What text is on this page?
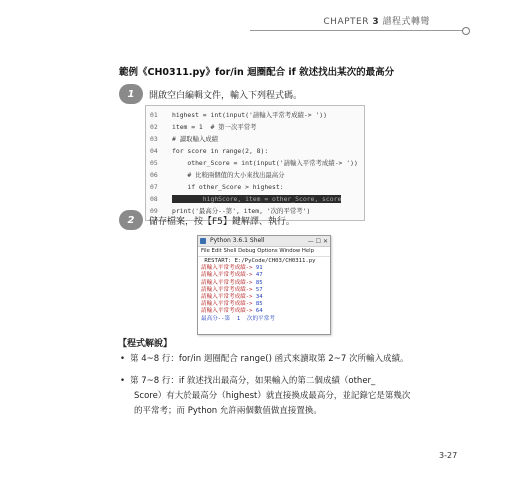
CHAPTER 3 譜程式轉彎
範例《CH0311.py》for/in 迴圈配合 if 敘述找出某次的最高分
1	開啟空白編輯文件，輸入下列程式碼。
01	highest = int(input('請輸入平常考成績-> '))
02	item = 1  # 第一次平常考
03	# 讀取輸入成績
04	for score in range(2, 8):
05	other_Score = int(input('請輸入平常考成績-> '))
06	# 比較兩個值的大小來找出最高分
07	if other_Score > highest:
08	highScore, item = other_Score, score
09	print('最高分--第', item, '次的平常考')
2	儲存檔案，按【F5】鍵解譯、執行。
Python 3.6.1 Shell	— ☐ ✕
File Edit Shell Debug Options Window Help
RESTART: E:/PyCode/CH03/CH0311.py
請輸入平常考成績-> 91
請輸入平常考成績-> 47
請輸入平常考成績-> 85
請輸入平常考成績-> 57
請輸入平常考成績-> 34
請輸入平常考成績-> 85
請輸入平常考成績-> 64
最高分--第  1  次的平常考
【程式解說】
• 第 4~8 行：for/in 迴圈配合 range() 函式來讀取第 2~7 次所輸入成績。
• 第 7~8 行：if 敘述找出最高分，如果輸入的第二個成績（other_
Score）有大於最高分（highest）就直接換成最高分，並記錄它是第幾次
的平常考；而 Python 允許兩個數值做直接置換。
3-27
